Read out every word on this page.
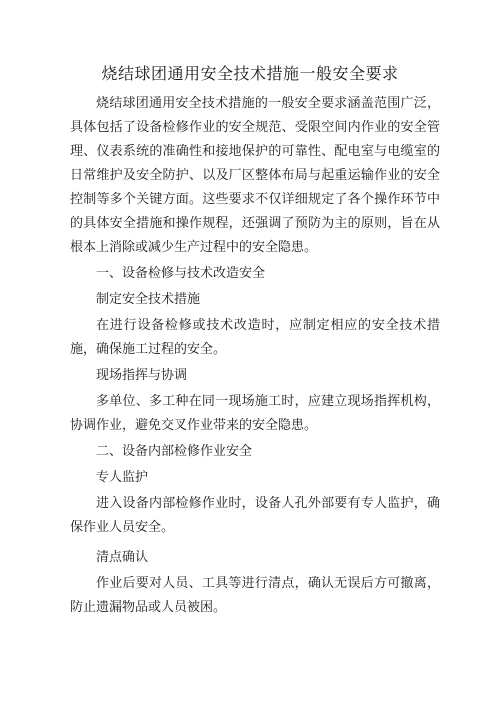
烧结球团通用安全技术措施一般安全要求

烧结球团通用安全技术措施的一般安全要求涵盖范围广泛，具体包括了设备检修作业的安全规范、受限空间内作业的安全管理、仪表系统的准确性和接地保护的可靠性、配电室与电缆室的日常维护及安全防护、以及厂区整体布局与起重运输作业的安全控制等多个关键方面。这些要求不仅详细规定了各个操作环节中的具体安全措施和操作规程，还强调了预防为主的原则，旨在从根本上消除或减少生产过程中的安全隐患。

一、设备检修与技术改造安全

制定安全技术措施

在进行设备检修或技术改造时，应制定相应的安全技术措施，确保施工过程的安全。

现场指挥与协调

多单位、多工种在同一现场施工时，应建立现场指挥机构，协调作业，避免交叉作业带来的安全隐患。

二、设备内部检修作业安全

专人监护

进入设备内部检修作业时，设备人孔外部要有专人监护，确保作业人员安全。

清点确认

作业后要对人员、工具等进行清点，确认无误后方可撤离，防止遗漏物品或人员被困。
